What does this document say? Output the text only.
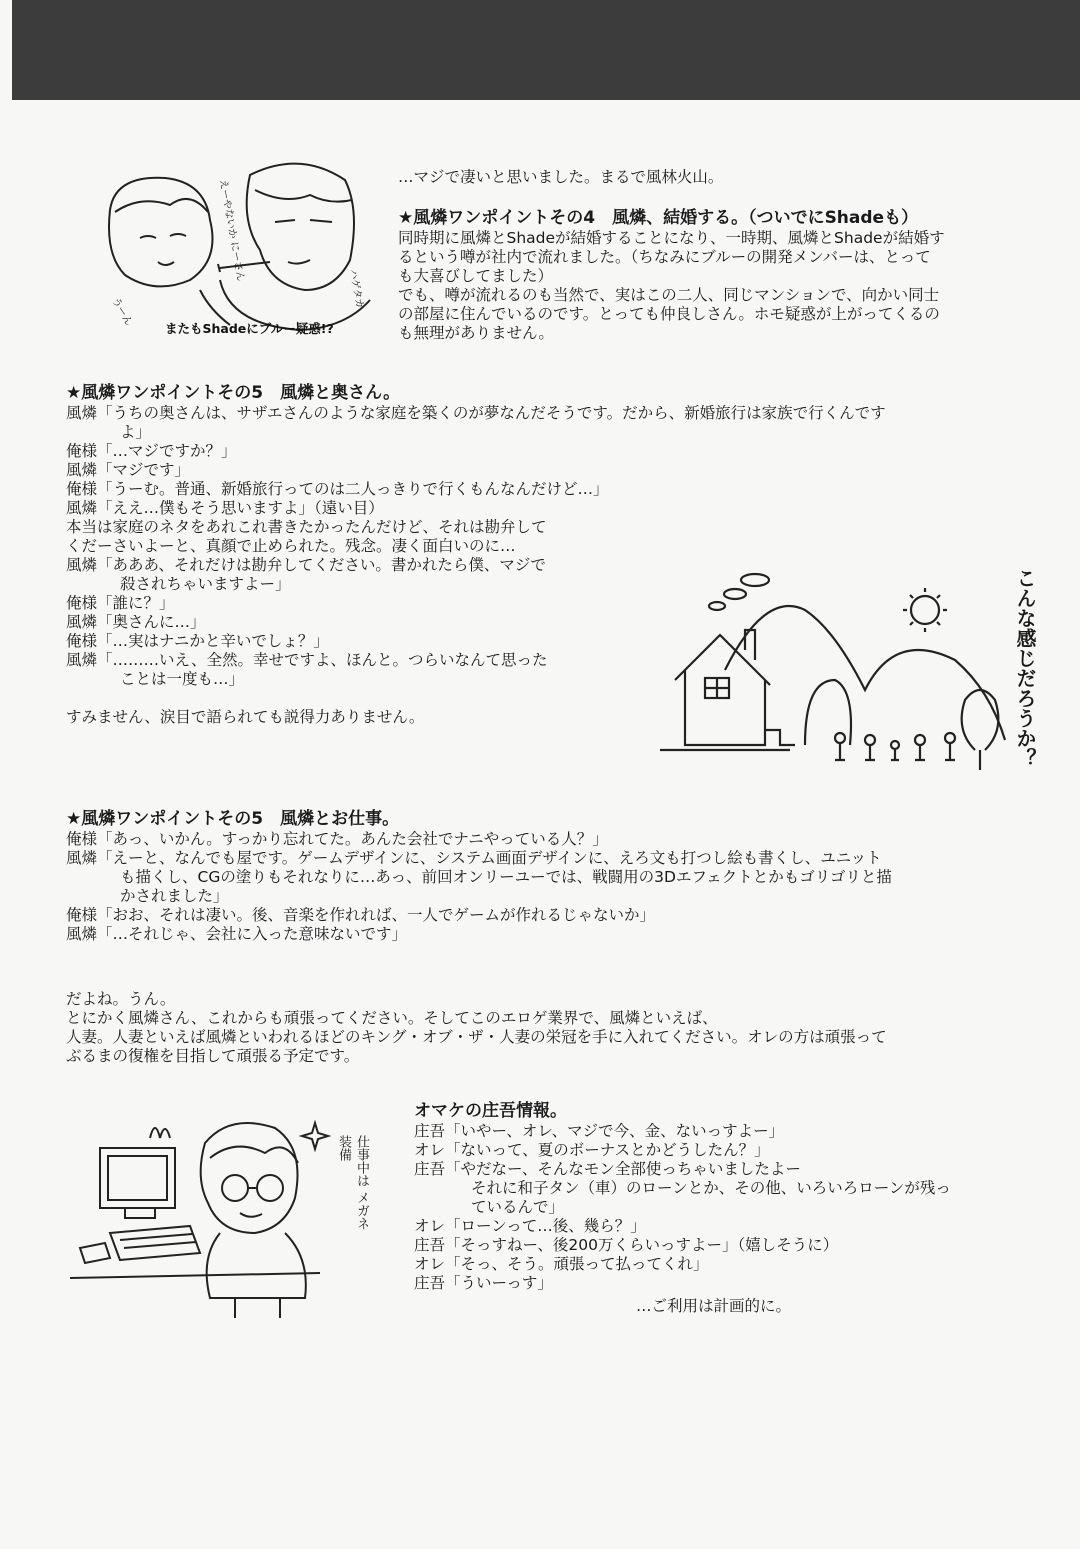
えーやないか にーさん
ハゲタカ
うーん
またもShadeにブルー疑惑!?
…マジで凄いと思いました。まるで風林火山。
★風燐ワンポイントその4　風燐、結婚する。（ついでにShadeも）
同時期に風燐とShadeが結婚することになり、一時期、風燐とShadeが結婚す
るという噂が社内で流れました。（ちなみにブルーの開発メンバーは、とって
も大喜びしてました）
でも、噂が流れるのも当然で、実はこの二人、同じマンションで、向かい同士
の部屋に住んでいるのです。とっても仲良しさん。ホモ疑惑が上がってくるの
も無理がありません。
★風燐ワンポイントその5　風燐と奥さん。
風燐 「うちの奥さんは、サザエさんのような家庭を築くのが夢なんだそうです。だから、新婚旅行は家族で行くんです
よ」
俺様 「…マジですか？」
風燐 「マジです」
俺様 「うーむ。普通、新婚旅行ってのは二人っきりで行くもんなんだけど…」
風燐 「ええ…僕もそう思いますよ」（遠い目）
本当は家庭のネタをあれこれ書きたかったんだけど、それは勘弁して
くだーさいよーと、真顔で止められた。残念。凄く面白いのに…
風燐 「あああ、それだけは勘弁してください。書かれたら僕、マジで
殺されちゃいますよー」
俺様 「誰に？」
風燐 「奥さんに…」
俺様 「…実はナニかと辛いでしょ？」
風燐 「………いえ、全然。幸せですよ、ほんと。つらいなんて思った
ことは一度も…」
すみません、涙目で語られても説得力ありません。	こんな感じだろうか？
★風燐ワンポイントその5　風燐とお仕事。
俺様 「あっ、いかん。すっかり忘れてた。あんた会社でナニやっている人？」
風燐 「えーと、なんでも屋です。ゲームデザインに、システム画面デザインに、えろ文も打つし絵も書くし、ユニット
も描くし、CGの塗りもそれなりに…あっ、前回オンリーユーでは、戦闘用の3Dエフェクトとかもゴリゴリと描
かされました」
俺様 「おお、それは凄い。後、音楽を作れれば、一人でゲームが作れるじゃないか」
風燐 「…それじゃ、会社に入った意味ないです」
だよね。うん。
とにかく風燐さん、これからも頑張ってください。そしてこのエロゲ業界で、風燐といえば、
人妻。人妻といえば風燐といわれるほどのキング・オブ・ザ・人妻の栄冠を手に入れてください。オレの方は頑張って
ぶるまの復権を目指して頑張る予定です。
仕事中は メガネ装備
オマケの庄吾情報。
庄吾 「いやー、オレ、マジで今、金、ないっすよー」
オレ 「ないって、夏のボーナスとかどうしたん？」
庄吾 「やだなー、そんなモン全部使っちゃいましたよー
それに和子タン（車）のローンとか、その他、いろいろローンが残っ
ているんで」
オレ 「ローンって…後、幾ら？」
庄吾 「そっすねー、後200万くらいっすよー」（嬉しそうに）
オレ 「そっ、そう。頑張って払ってくれ」
庄吾 「ういーっす」
…ご利用は計画的に。
